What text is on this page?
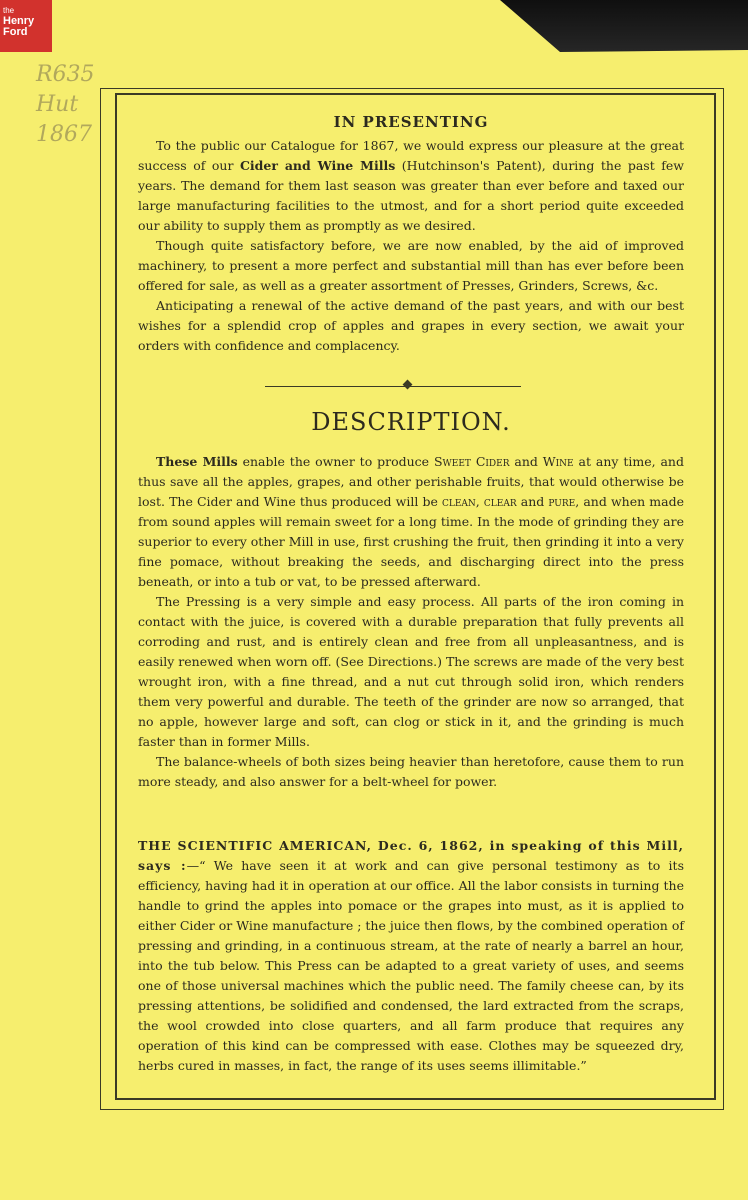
the
Henry
Ford
R635
Hut
1867	IN PRESENTING

To the public our Catalogue for 1867, we would express our pleasure at the great success of our Cider and Wine Mills (Hutchinson's Patent), during the past few years. The demand for them last season was greater than ever before and taxed our large manufacturing facilities to the utmost, and for a short period quite exceeded our ability to supply them as promptly as we desired.

Though quite satisfactory before, we are now enabled, by the aid of improved machinery, to present a more perfect and substantial mill than has ever before been offered for sale, as well as a greater assortment of Presses, Grinders, Screws, &c.

Anticipating a renewal of the active demand of the past years, and with our best wishes for a splendid crop of apples and grapes in every section, we await your orders with confidence and complacency.

DESCRIPTION.

These Mills enable the owner to produce Sweet Cider and Wine at any time, and thus save all the apples, grapes, and other perishable fruits, that would otherwise be lost. The Cider and Wine thus produced will be clean, clear and pure, and when made from sound apples will remain sweet for a long time. In the mode of grinding they are superior to every other Mill in use, first crushing the fruit, then grinding it into a very fine pomace, without breaking the seeds, and discharging direct into the press beneath, or into a tub or vat, to be pressed afterward.

The Pressing is a very simple and easy process. All parts of the iron coming in contact with the juice, is covered with a durable preparation that fully prevents all corroding and rust, and is entirely clean and free from all unpleasantness, and is easily renewed when worn off. (See Directions.) The screws are made of the very best wrought iron, with a fine thread, and a nut cut through solid iron, which renders them very powerful and durable. The teeth of the grinder are now so arranged, that no apple, however large and soft, can clog or stick in it, and the grinding is much faster than in former Mills.

The balance-wheels of both sizes being heavier than heretofore, cause them to run more steady, and also answer for a belt-wheel for power.

THE SCIENTIFIC AMERICAN, Dec. 6, 1862, in speaking of this Mill, says :—“ We have seen it at work and can give personal testimony as to its efficiency, having had it in operation at our office. All the labor consists in turning the handle to grind the apples into pomace or the grapes into must, as it is applied to either Cider or Wine manufacture ; the juice then flows, by the combined operation of pressing and grinding, in a continuous stream, at the rate of nearly a barrel an hour, into the tub below. This Press can be adapted to a great variety of uses, and seems one of those universal machines which the public need. The family cheese can, by its pressing attentions, be solidified and condensed, the lard extracted from the scraps, the wool crowded into close quarters, and all farm produce that requires any operation of this kind can be compressed with ease. Clothes may be squeezed dry, herbs cured in masses, in fact, the range of its uses seems illimitable.”
